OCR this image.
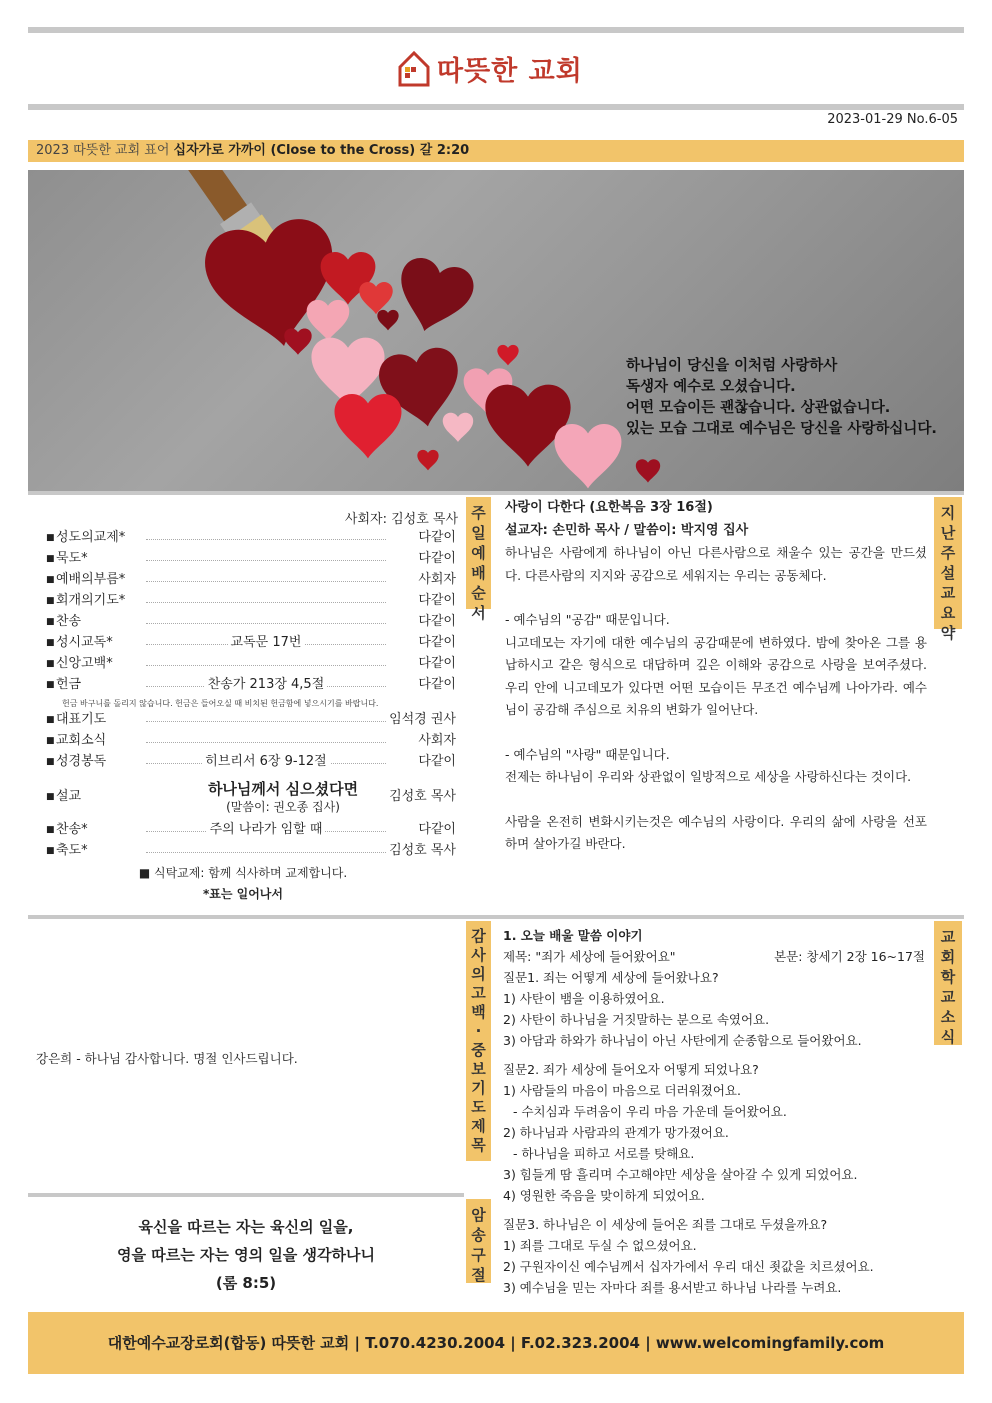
따뜻한 교회
2023-01-29 No.6-05
2023 따뜻한 교회 표어 십자가로 가까이 (Close to the Cross) 갈 2:20
하나님이 당신을 이처럼 사랑하사
독생자 예수로 오셨습니다.
어떤 모습이든 괜찮습니다. 상관없습니다.
있는 모습 그대로 예수님은 당신을 사랑하십니다.
사회자: 김성호 목사
■ 성도의교제*	다같이
■ 묵도*	다같이
■ 예배의부름*	사회자
■ 회개의기도*	다같이
■ 찬송	다같이
■ 성시교독*	교독문 17번	다같이
■ 신앙고백*	다같이
■ 헌금	찬송가 213장 4,5절	다같이
헌금 바구니를 돌리지 않습니다. 헌금은 들어오실 때 비치된 헌금함에 넣으시기를 바랍니다.
■ 대표기도	임석경 권사
■ 교회소식	사회자
■ 성경봉독	히브리서 6장 9-12절	다같이
■ 설교	김성호 목사
하나님께서 심으셨다면
(말씀이: 권오종 집사)
■ 찬송*	주의 나라가 임할 때	다같이
■ 축도*	김성호 목사
■ 식탁교제: 함께 식사하며 교제합니다.
*표는 일어나서
주
일
예
배
순
서
사랑이 다한다 (요한복음 3장 16절)
설교자: 손민하 목사 / 말씀이: 박지영 집사

하나님은 사람에게 하나님이 아닌 다른사람으로 채울수 있는 공간을 만드셨다. 다른사람의 지지와 공감으로 세워지는 우리는 공동체다.

- 예수님의 "공감" 때문입니다.

니고데모는 자기에 대한 예수님의 공감때문에 변하였다. 밤에 찾아온 그를 용납하시고 같은 형식으로 대답하며 깊은 이해와 공감으로 사랑을 보여주셨다. 우리 안에 니고데모가 있다면 어떤 모습이든 무조건 예수님께 나아가라. 예수님이 공감해 주심으로 치유의 변화가 일어난다.

- 예수님의 "사랑" 때문입니다.

전제는 하나님이 우리와 상관없이 일방적으로 세상을 사랑하신다는 것이다.

사람을 온전히 변화시키는것은 예수님의 사랑이다. 우리의 삶에 사랑을 선포하며 살아가길 바란다.

지
난
주
설
교
요
약
강은희 - 하나님 감사합니다. 명절 인사드립니다.
감
사
의
고
백
·
중
보
기
도
제
목
육신을 따르는 자는 육신의 일을,
영을 따르는 자는 영의 일을 생각하나니
(롬 8:5)
암
송
구
절
1. 오늘 배울 말씀 이야기
제목: "죄가 세상에 들어왔어요"	본문: 창세기 2장 16~17절
질문1. 죄는 어떻게 세상에 들어왔나요?
1) 사탄이 뱀을 이용하였어요.
2) 사탄이 하나님을 거짓말하는 분으로 속였어요.
3) 아담과 하와가 하나님이 아닌 사탄에게 순종함으로 들어왔어요.
질문2. 죄가 세상에 들어오자 어떻게 되었나요?
1) 사람들의 마음이 마음으로 더러워졌어요.
- 수치심과 두려움이 우리 마음 가운데 들어왔어요.
2) 하나님과 사람과의 관계가 망가졌어요.
- 하나님을 피하고 서로를 탓해요.
3) 힘들게 땀 흘리며 수고해야만 세상을 살아갈 수 있게 되었어요.
4) 영원한 죽음을 맞이하게 되었어요.
질문3. 하나님은 이 세상에 들어온 죄를 그대로 두셨을까요?
1) 죄를 그대로 두실 수 없으셨어요.
2) 구원자이신 예수님께서 십자가에서 우리 대신 죗값을 치르셨어요.
3) 예수님을 믿는 자마다 죄를 용서받고 하나님 나라를 누려요.
교
회
학
교
소
식
대한예수교장로회(합동) 따뜻한 교회 | T.070.4230.2004 | F.02.323.2004 | www.welcomingfamily.com
